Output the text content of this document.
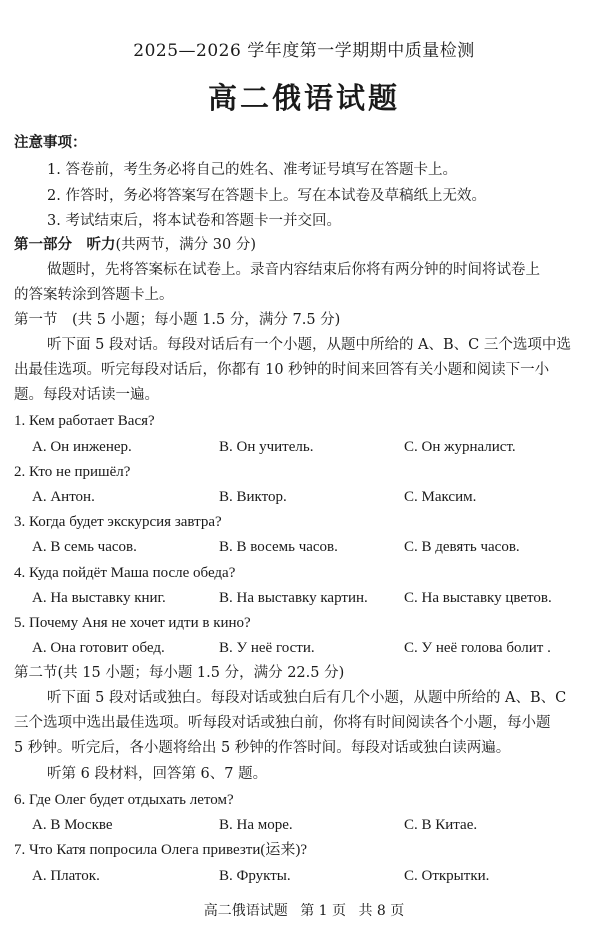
2025—2026 学年度第一学期期中质量检测
高二俄语试题
注意事项：
1. 答卷前，考生务必将自己的姓名、准考证号填写在答题卡上。
2. 作答时，务必将答案写在答题卡上。写在本试卷及草稿纸上无效。
3. 考试结束后，将本试卷和答题卡一并交回。
第一部分　听力(共两节，满分 30 分)
做题时，先将答案标在试卷上。录音内容结束后你将有两分钟的时间将试卷上
的答案转涂到答题卡上。
第一节　(共 5 小题；每小题 1.5 分，满分 7.5 分)
听下面 5 段对话。每段对话后有一个小题，从题中所给的 A、B、C 三个选项中选
出最佳选项。听完每段对话后，你都有 10 秒钟的时间来回答有关小题和阅读下一小
题。每段对话读一遍。
1. Кем работает Вася?
A. Он инженер.	B. Он учитель.	C. Он журналист.
2. Кто не пришёл?
A. Антон.	B. Виктор.	C. Максим.
3. Когда будет экскурсия завтра?
A. В семь часов.	B. В восемь часов.	C. В девять часов.
4. Куда пойдёт Маша после обеда?
A. На выставку книг.	B. На выставку картин. C. На выставку цветов.
5. Почему Аня не хочет идти в кино?
A. Она готовит обед.	B. У неё гости.	C. У неё голова болит .
第二节(共 15 小题；每小题 1.5 分，满分 22.5 分)
听下面 5 段对话或独白。每段对话或独白后有几个小题，从题中所给的 A、B、C
三个选项中选出最佳选项。听每段对话或独白前，你将有时间阅读各个小题，每小题
5 秒钟。听完后，各小题将给出 5 秒钟的作答时间。每段对话或独白读两遍。
听第 6 段材料，回答第 6、7 题。
6. Где Олег будет отдыхать летом?
A. В Москве	B. На море.	C. В Китае.
7. Что Катя попросила Олега привезти(运来)?
A. Платок.	B. Фрукты.	C. Открытки.
高二俄语试题 第 1 页 共 8 页
